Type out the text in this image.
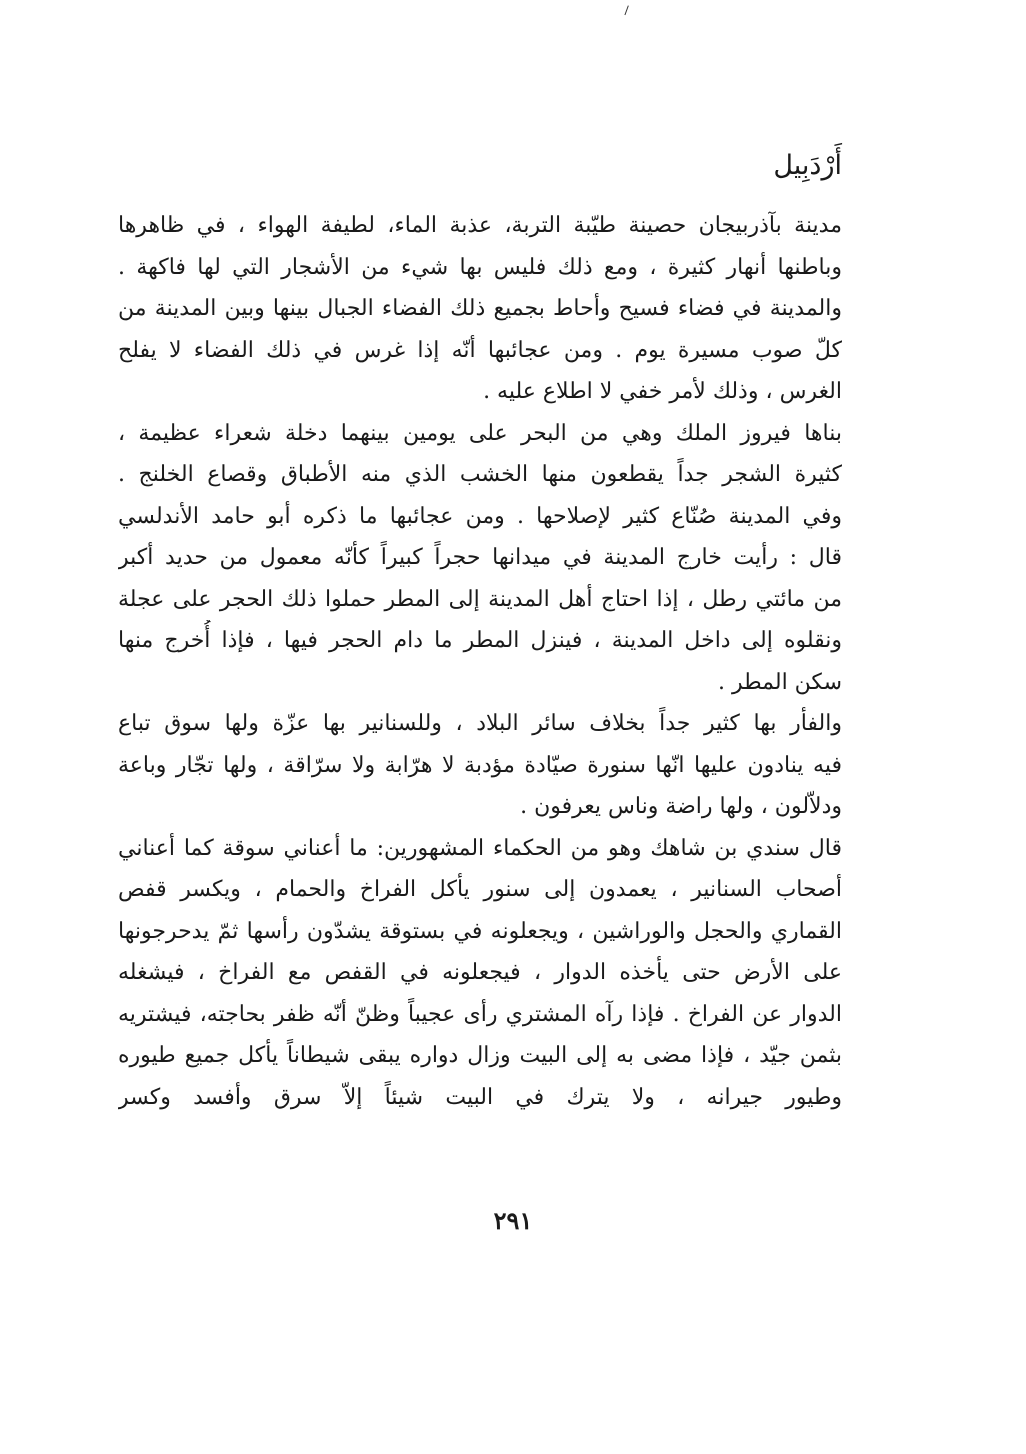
أَرْدَبِيل

مدينة بآذربيجان حصينة طيّبة التربة، عذبة الماء، لطيفة الهواء ، في ظاهرها
وباطنها أنهار كثيرة ، ومع ذلك فليس بها شيء من الأشجار التي لها فاكهة .
والمدينة في فضاء فسيح وأحاط بجميع ذلك الفضاء الجبال بينها وبين المدينة من
كلّ صوب مسيرة يوم . ومن عجائبها أنّه إذا غرس في ذلك الفضاء لا يفلح
الغرس ، وذلك لأمر خفي لا اطلاع عليه .

بناها فيروز الملك وهي من البحر على يومين بينهما دخلة شعراء عظيمة ،
كثيرة الشجر جداً يقطعون منها الخشب الذي منه الأطباق وقصاع الخلنج .
وفي المدينة صُنّاع كثير لإصلاحها . ومن عجائبها ما ذكره أبو حامد الأندلسي
قال : رأيت خارج المدينة في ميدانها حجراً كبيراً كأنّه معمول من حديد أكبر
من مائتي رطل ، إذا احتاج أهل المدينة إلى المطر حملوا ذلك الحجر على عجلة
ونقلوه إلى داخل المدينة ، فينزل المطر ما دام الحجر فيها ، فإذا أُخرج منها
سكن المطر .

والفأر بها كثير جداً بخلاف سائر البلاد ، وللسنانير بها عزّة ولها سوق تباع
فيه ينادون عليها انّها سنورة صيّادة مؤدبة لا هرّابة ولا سرّاقة ، ولها تجّار وباعة
ودلاّلون ، ولها راضة وناس يعرفون .

قال سندي بن شاهك وهو من الحكماء المشهورين: ما أعناني سوقة كما أعناني
أصحاب السنانير ، يعمدون إلى سنور يأكل الفراخ والحمام ، ويكسر قفص
القماري والحجل والوراشين ، ويجعلونه في بستوقة يشدّون رأسها ثمّ يدحرجونها
على الأرض حتى يأخذه الدوار ، فيجعلونه في القفص مع الفراخ ، فيشغله
الدوار عن الفراخ . فإذا رآه المشتري رأى عجيباً وظنّ أنّه ظفر بحاجته، فيشتريه
بثمن جيّد ، فإذا مضى به إلى البيت وزال دواره يبقى شيطاناً يأكل جميع طيوره
وطيور جيرانه ، ولا يترك في البيت شيئاً إلاّ سرق وأفسد وكسر

٢٩١
